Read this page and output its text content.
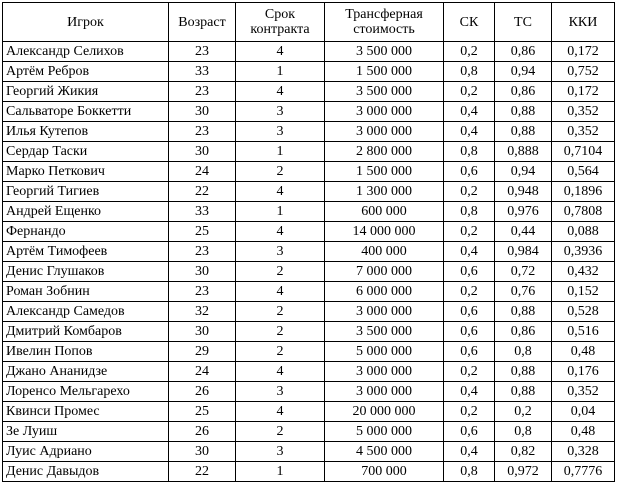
Игрок	Возраст	Срок контракта	Трансферная стоимость	СК	ТС	ККИ
Александр Селихов	23	4	3 500 000	0,2	0,86	0,172
Артём Ребров	33	1	1 500 000	0,8	0,94	0,752
Георгий Жикия	23	4	3 500 000	0,2	0,86	0,172
Сальваторе Боккетти	30	3	3 000 000	0,4	0,88	0,352
Илья Кутепов	23	3	3 000 000	0,4	0,88	0,352
Сердар Таски	30	1	2 800 000	0,8	0,888	0,7104
Марко Петкович	24	2	1 500 000	0,6	0,94	0,564
Георгий Тигиев	22	4	1 300 000	0,2	0,948	0,1896
Андрей Ещенко	33	1	600 000	0,8	0,976	0,7808
Фернандо	25	4	14 000 000	0,2	0,44	0,088
Артём Тимофеев	23	3	400 000	0,4	0,984	0,3936
Денис Глушаков	30	2	7 000 000	0,6	0,72	0,432
Роман Зобнин	23	4	6 000 000	0,2	0,76	0,152
Александр Самедов	32	2	3 000 000	0,6	0,88	0,528
Дмитрий Комбаров	30	2	3 500 000	0,6	0,86	0,516
Ивелин Попов	29	2	5 000 000	0,6	0,8	0,48
Джано Ананидзе	24	4	3 000 000	0,2	0,88	0,176
Лоренсо Мельгарехо	26	3	3 000 000	0,4	0,88	0,352
Квинси Промес	25	4	20 000 000	0,2	0,2	0,04
Зе Луиш	26	2	5 000 000	0,6	0,8	0,48
Луис Адриано	30	3	4 500 000	0,4	0,82	0,328
Денис Давыдов	22	1	700 000	0,8	0,972	0,7776
